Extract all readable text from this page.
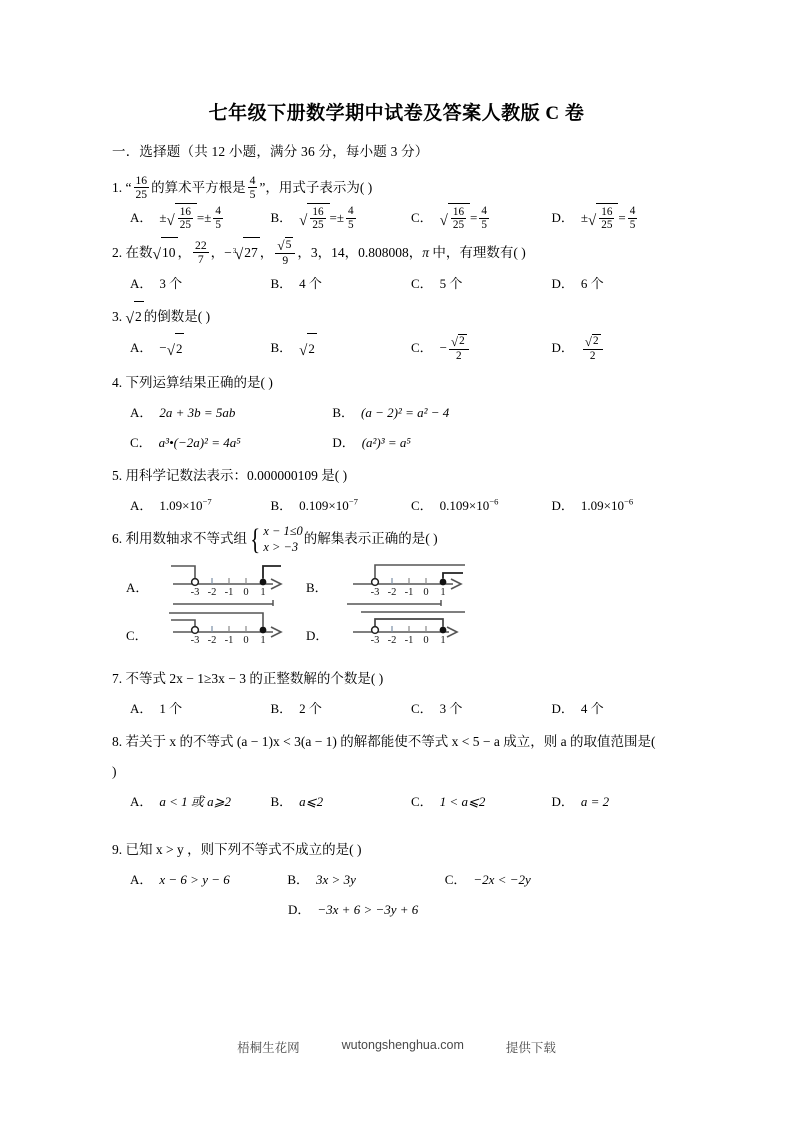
七年级下册数学期中试卷及答案人教版 C 卷
一．选择题（共 12 小题，满分 36 分，每小题 3 分）
1. “ $\frac{16}{25}$ 的算术平方根是 $\frac{4}{5}$ ”，用式子表示为( )
A． ±√ $\frac{16}{25} =\pm \frac{4}{5}$	B． √ $\frac{16}{25} =\pm \frac{4}{5}$	C． √ $\frac{16}{25} = \frac{4}{5}$	D． ±√ $\frac{16}{25} = \frac{4}{5}$
2. 在数√10 ， $\frac{22}{7}$ ，− 3 √27 ， $\frac{√5}{9}$ ，3，14，0.808008，π 中，有理数有( )
A． 3 个	B． 4 个	C． 5 个	D． 6 个
3. √2 的倒数是( )
A． −√2	B． √2	C． − $\frac{√2}{2}$	D． $\frac{√2}{2}$
4. 下列运算结果正确的是( )
A． 2a + 3b = 5ab	B． (a − 2)² = a² − 4
C． a³•(−2a)² = 4a⁵	D． (a²)³ = a⁵
5. 用科学记数法表示：0.000000109 是( )
A． $1.09\times 10^{-7}$	B． $0.109\times 10^{-7}$	C． $0.109\times 10^{-6}$	D． $1.09\times 10^{-6}$
6. 利用数轴求不等式组 { x − 1≤0
x > −3
的解集表示正确的是( )
A．	-3 -2 -1 0 1	B．	-3 -2 -1 0 1
C．	-3 -2 -1 0 1	D．	-3 -2 -1 0 1
7. 不等式 2x − 1≥3x − 3 的正整数解的个数是( )
A． 1 个	B． 2 个	C． 3 个	D． 4 个
8. 若关于 x 的不等式 (a − 1)x < 3(a − 1) 的解都能使不等式 x < 5 − a 成立，则 a 的取值范围是(
)
A． a < 1 或 a⩾2	B． a⩽2	C． 1 < a⩽2	D． a = 2
9. 已知 x > y ，则下列不等式不成立的是( )
A． x − 6 > y − 6	B． 3x > 3y	C． −2x < −2y
D． −3x + 6 > −3y + 6
梧桐生花网	wutongshenghua.com	提供下载
